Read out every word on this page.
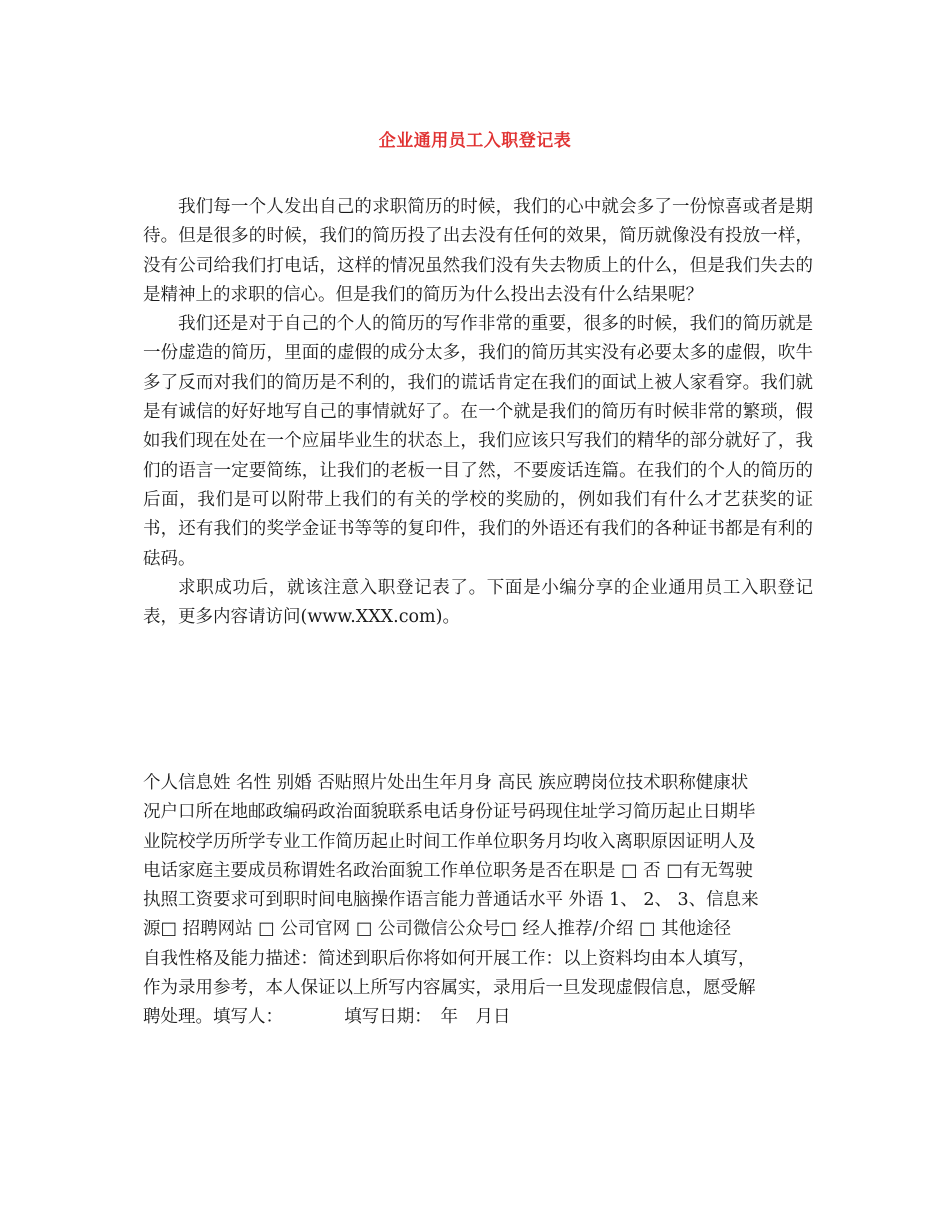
企业通用员工入职登记表

我们每一个人发出自己的求职简历的时候，我们的心中就会多了一份惊喜或者是期待。但是很多的时候，我们的简历投了出去没有任何的效果，简历就像没有投放一样，没有公司给我们打电话，这样的情况虽然我们没有失去物质上的什么，但是我们失去的是精神上的求职的信心。但是我们的简历为什么投出去没有什么结果呢？

我们还是对于自己的个人的简历的写作非常的重要，很多的时候，我们的简历就是一份虚造的简历，里面的虚假的成分太多，我们的简历其实没有必要太多的虚假，吹牛多了反而对我们的简历是不利的，我们的谎话肯定在我们的面试上被人家看穿。我们就是有诚信的好好地写自己的事情就好了。在一个就是我们的简历有时候非常的繁琐，假如我们现在处在一个应届毕业生的状态上，我们应该只写我们的精华的部分就好了，我们的语言一定要简练，让我们的老板一目了然，不要废话连篇。在我们的个人的简历的后面，我们是可以附带上我们的有关的学校的奖励的，例如我们有什么才艺获奖的证书，还有我们的奖学金证书等等的复印件，我们的外语还有我们的各种证书都是有利的砝码。

求职成功后，就该注意入职登记表了。下面是小编分享的企业通用员工入职登记表，更多内容请访问(www.XXX.com)。

个人信息姓 名性 别婚 否贴照片处出生年月身 高民 族应聘岗位技术职称健康状
况户口所在地邮政编码政治面貌联系电话身份证号码现住址学习简历起止日期毕
业院校学历所学专业工作简历起止时间工作单位职务月均收入离职原因证明人及
电话家庭主要成员称谓姓名政治面貌工作单位职务是否在职是 □ 否 □有无驾驶
执照工资要求可到职时间电脑操作语言能力普通话水平 外语 1、 2、 3、信息来
源□ 招聘网站 □ 公司官网 □ 公司微信公众号□ 经人推荐/介绍 □ 其他途径
自我性格及能力描述：简述到职后你将如何开展工作：以上资料均由本人填写，
作为录用参考，本人保证以上所写内容属实，录用后一旦发现虚假信息，愿受解
聘处理。填写人：　　　　填写日期：　年　月日
